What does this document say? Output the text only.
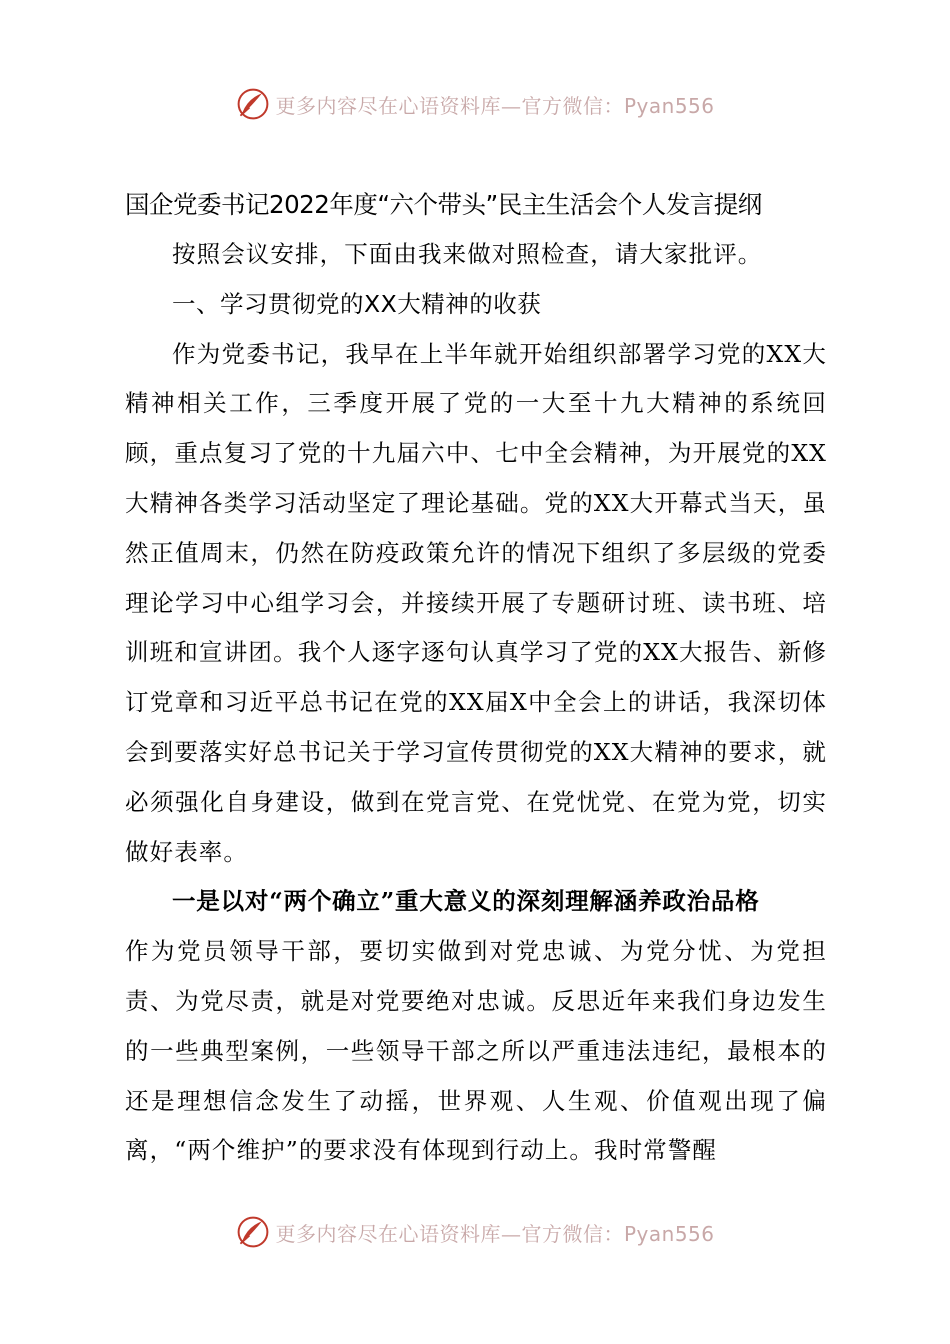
更多内容尽在心语资料库—官方微信：Pyan556
国企党委书记2022年度“六个带头”民主生活会个人发言提纲

按照会议安排，下面由我来做对照检查，请大家批评。

一、学习贯彻党的XX大精神的收获

作为党委书记，我早在上半年就开始组织部署学习党的XX大精神相关工作，三季度开展了党的一大至十九大精神的系统回顾，重点复习了党的十九届六中、七中全会精神，为开展党的XX大精神各类学习活动坚定了理论基础。党的XX大开幕式当天，虽然正值周末，仍然在防疫政策允许的情况下组织了多层级的党委理论学习中心组学习会，并接续开展了专题研讨班、读书班、培训班和宣讲团。我个人逐字逐句认真学习了党的XX大报告、新修订党章和习近平总书记在党的XX届X中全会上的讲话，我深切体会到要落实好总书记关于学习宣传贯彻党的XX大精神的要求，就必须强化自身建设，做到在党言党、在党忧党、在党为党，切实做好表率。

一是以对“两个确立”重大意义的深刻理解涵养政治品格

作为党员领导干部，要切实做到对党忠诚、为党分忧、为党担责、为党尽责，就是对党要绝对忠诚。反思近年来我们身边发生的一些典型案例，一些领导干部之所以严重违法违纪，最根本的还是理想信念发生了动摇，世界观、人生观、价值观出现了偏离，“两个维护”的要求没有体现到行动上。我时常警醒

更多内容尽在心语资料库—官方微信：Pyan556
